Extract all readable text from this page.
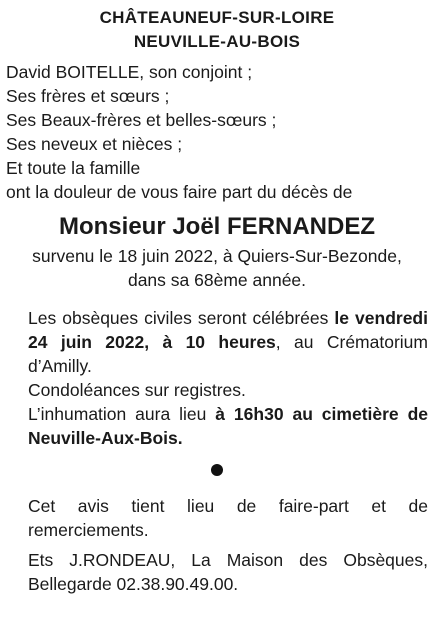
CHÂTEAUNEUF-SUR-LOIRE
NEUVILLE-AU-BOIS
David BOITELLE, son conjoint ;
Ses frères et sœurs ;
Ses Beaux-frères et belles-sœurs ;
Ses neveux et nièces ;
Et toute la famille
ont la douleur de vous faire part du décès de
Monsieur Joël FERNANDEZ
survenu le 18 juin 2022, à Quiers-Sur-Bezonde,
dans sa 68ème année.
Les obsèques civiles seront célébrées le vendredi 24 juin 2022, à 10 heures, au Crématorium d’Amilly.
Condoléances sur registres.
L’inhumation aura lieu à 16h30 au cimetière de Neuville-Aux-Bois.
Cet avis tient lieu de faire-part et de remerciements.
Ets J.RONDEAU, La Maison des Obsèques, Bellegarde 02.38.90.49.00.
